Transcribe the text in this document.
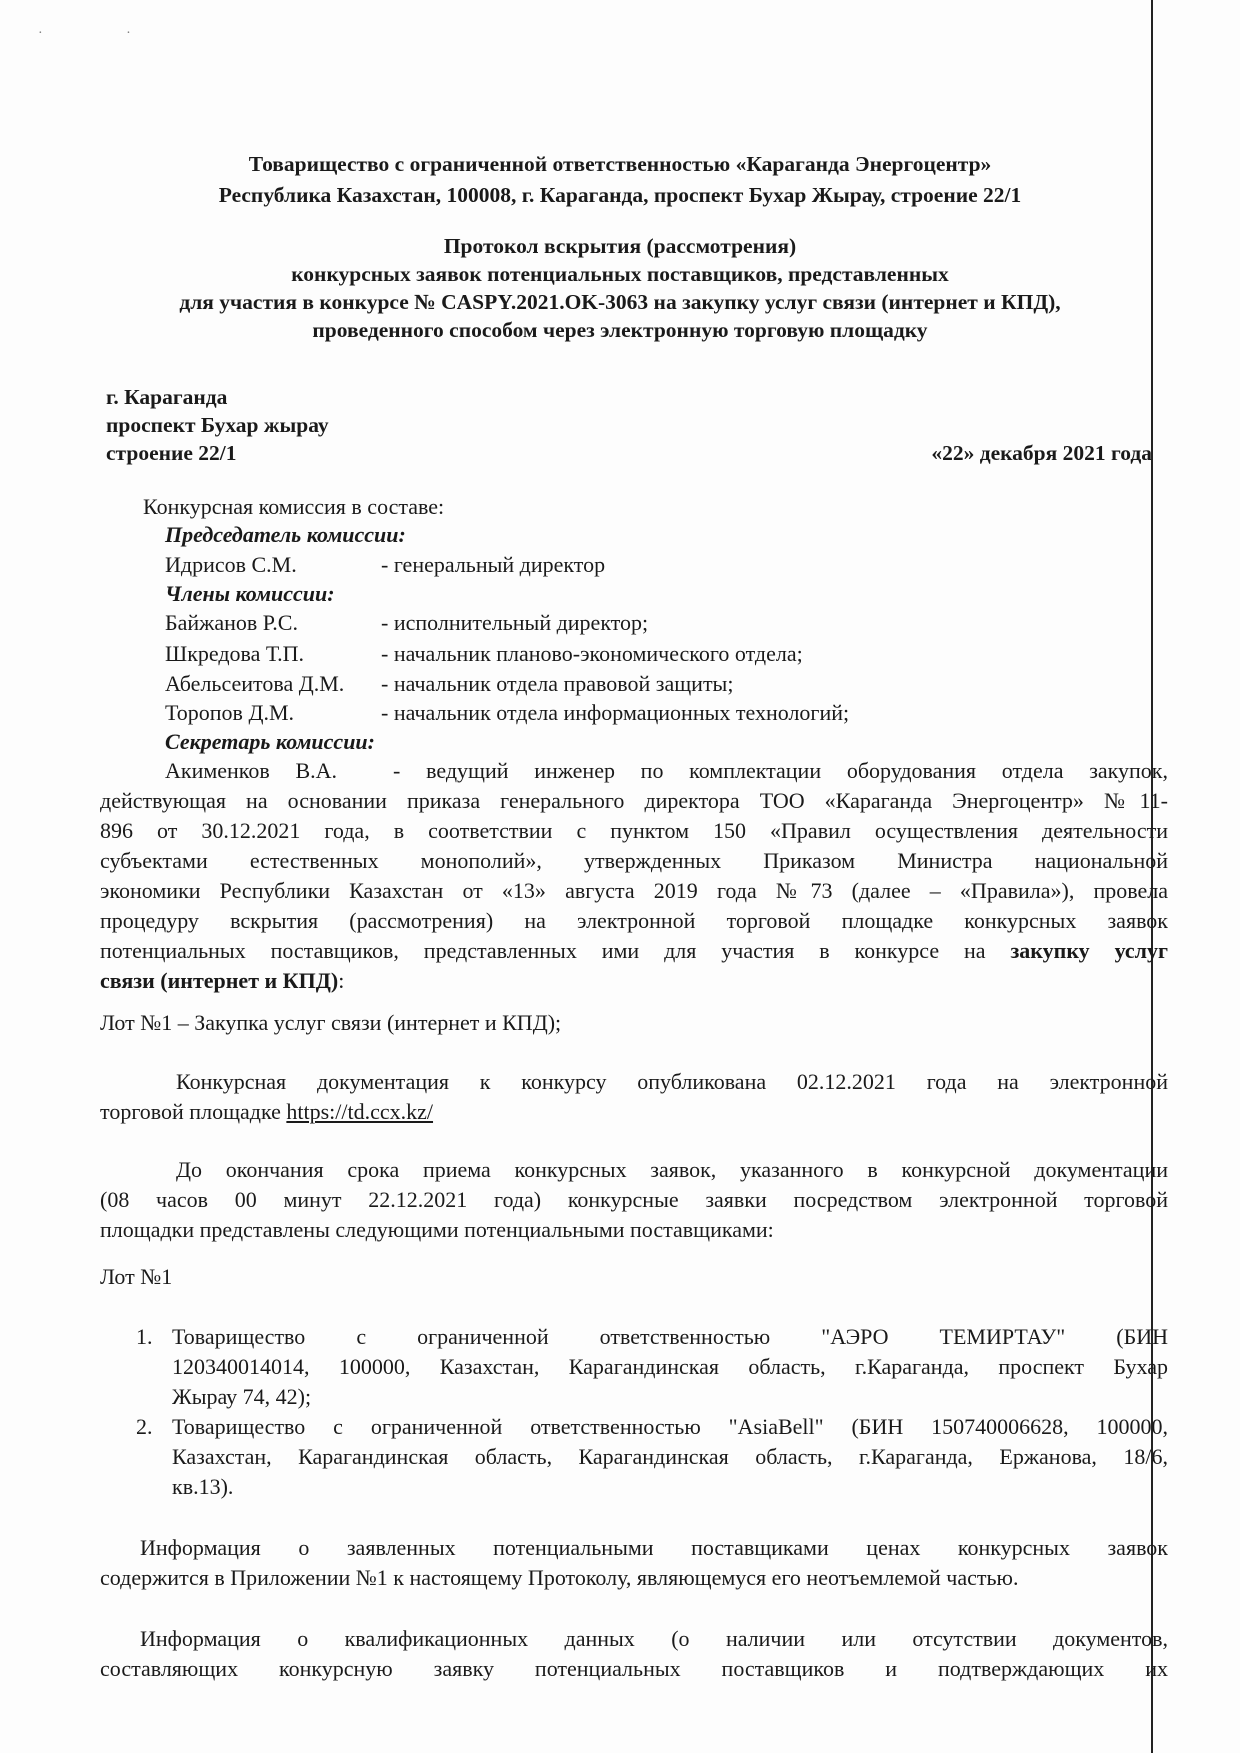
· ·
Товарищество с ограниченной ответственностью «Караганда Энергоцентр»
Республика Казахстан, 100008, г. Караганда, проспект Бухар Жырау, строение 22/1
Протокол вскрытия (рассмотрения)
конкурсных заявок потенциальных поставщиков, представленных
для участия в конкурсе № CASPY.2021.OK-3063 на закупку услуг связи (интернет и КПД),
проведенного способом через электронную торговую площадку
г. Караганда
проспект Бухар жырау
строение 22/1	«22» декабря 2021 года
Конкурсная комиссия в составе:
Председатель комиссии:
Идрисов С.М.	- генеральный директор
Члены комиссии:
Байжанов Р.С.	- исполнительный директор;
Шкредова Т.П.	- начальник планово-экономического отдела;
Абельсеитова Д.М. - начальник отдела правовой защиты;
Торопов Д.М.	- начальник отдела информационных технологий;
Секретарь комиссии:
Акименков В.А.	- ведущий инженер по комплектации оборудования отдела закупок,
действующая на основании приказа генерального директора ТОО «Караганда Энергоцентр» №11-
896 от 30.12.2021 года, в соответствии с пунктом 150 «Правил осуществления деятельности
субъектами естественных монополий», утвержденных Приказом Министра национальной
экономики Республики Казахстан от «13» августа 2019 года №73 (далее – «Правила»), провела
процедуру вскрытия (рассмотрения) на электронной торговой площадке конкурсных заявок
потенциальных поставщиков, представленных ими для участия в конкурсе на закупку услуг
связи (интернет и КПД):
Лот №1 – Закупка услуг связи (интернет и КПД);
Конкурсная документация к конкурсу опубликована 02.12.2021 года на электронной
торговой площадке https://td.ccx.kz/
До окончания срока приема конкурсных заявок, указанного в конкурсной документации
(08 часов 00 минут 22.12.2021 года) конкурсные заявки посредством электронной торговой
площадки представлены следующими потенциальными поставщиками:
Лот №1
1. Товарищество с ограниченной ответственностью "АЭРО ТЕМИРТАУ" (БИН
120340014014, 100000, Казахстан, Карагандинская область, г.Караганда, проспект Бухар
Жырау 74, 42);
2. Товарищество с ограниченной ответственностью "AsiaBell" (БИН 150740006628, 100000,
Казахстан, Карагандинская область, Карагандинская область, г.Караганда, Ержанова, 18/6,
кв.13).
Информация о заявленных потенциальными поставщиками ценах конкурсных заявок
содержится в Приложении №1 к настоящему Протоколу, являющемуся его неотъемлемой частью.
Информация о квалификационных данных (о наличии или отсутствии документов,
составляющих конкурсную заявку потенциальных поставщиков и подтверждающих их
